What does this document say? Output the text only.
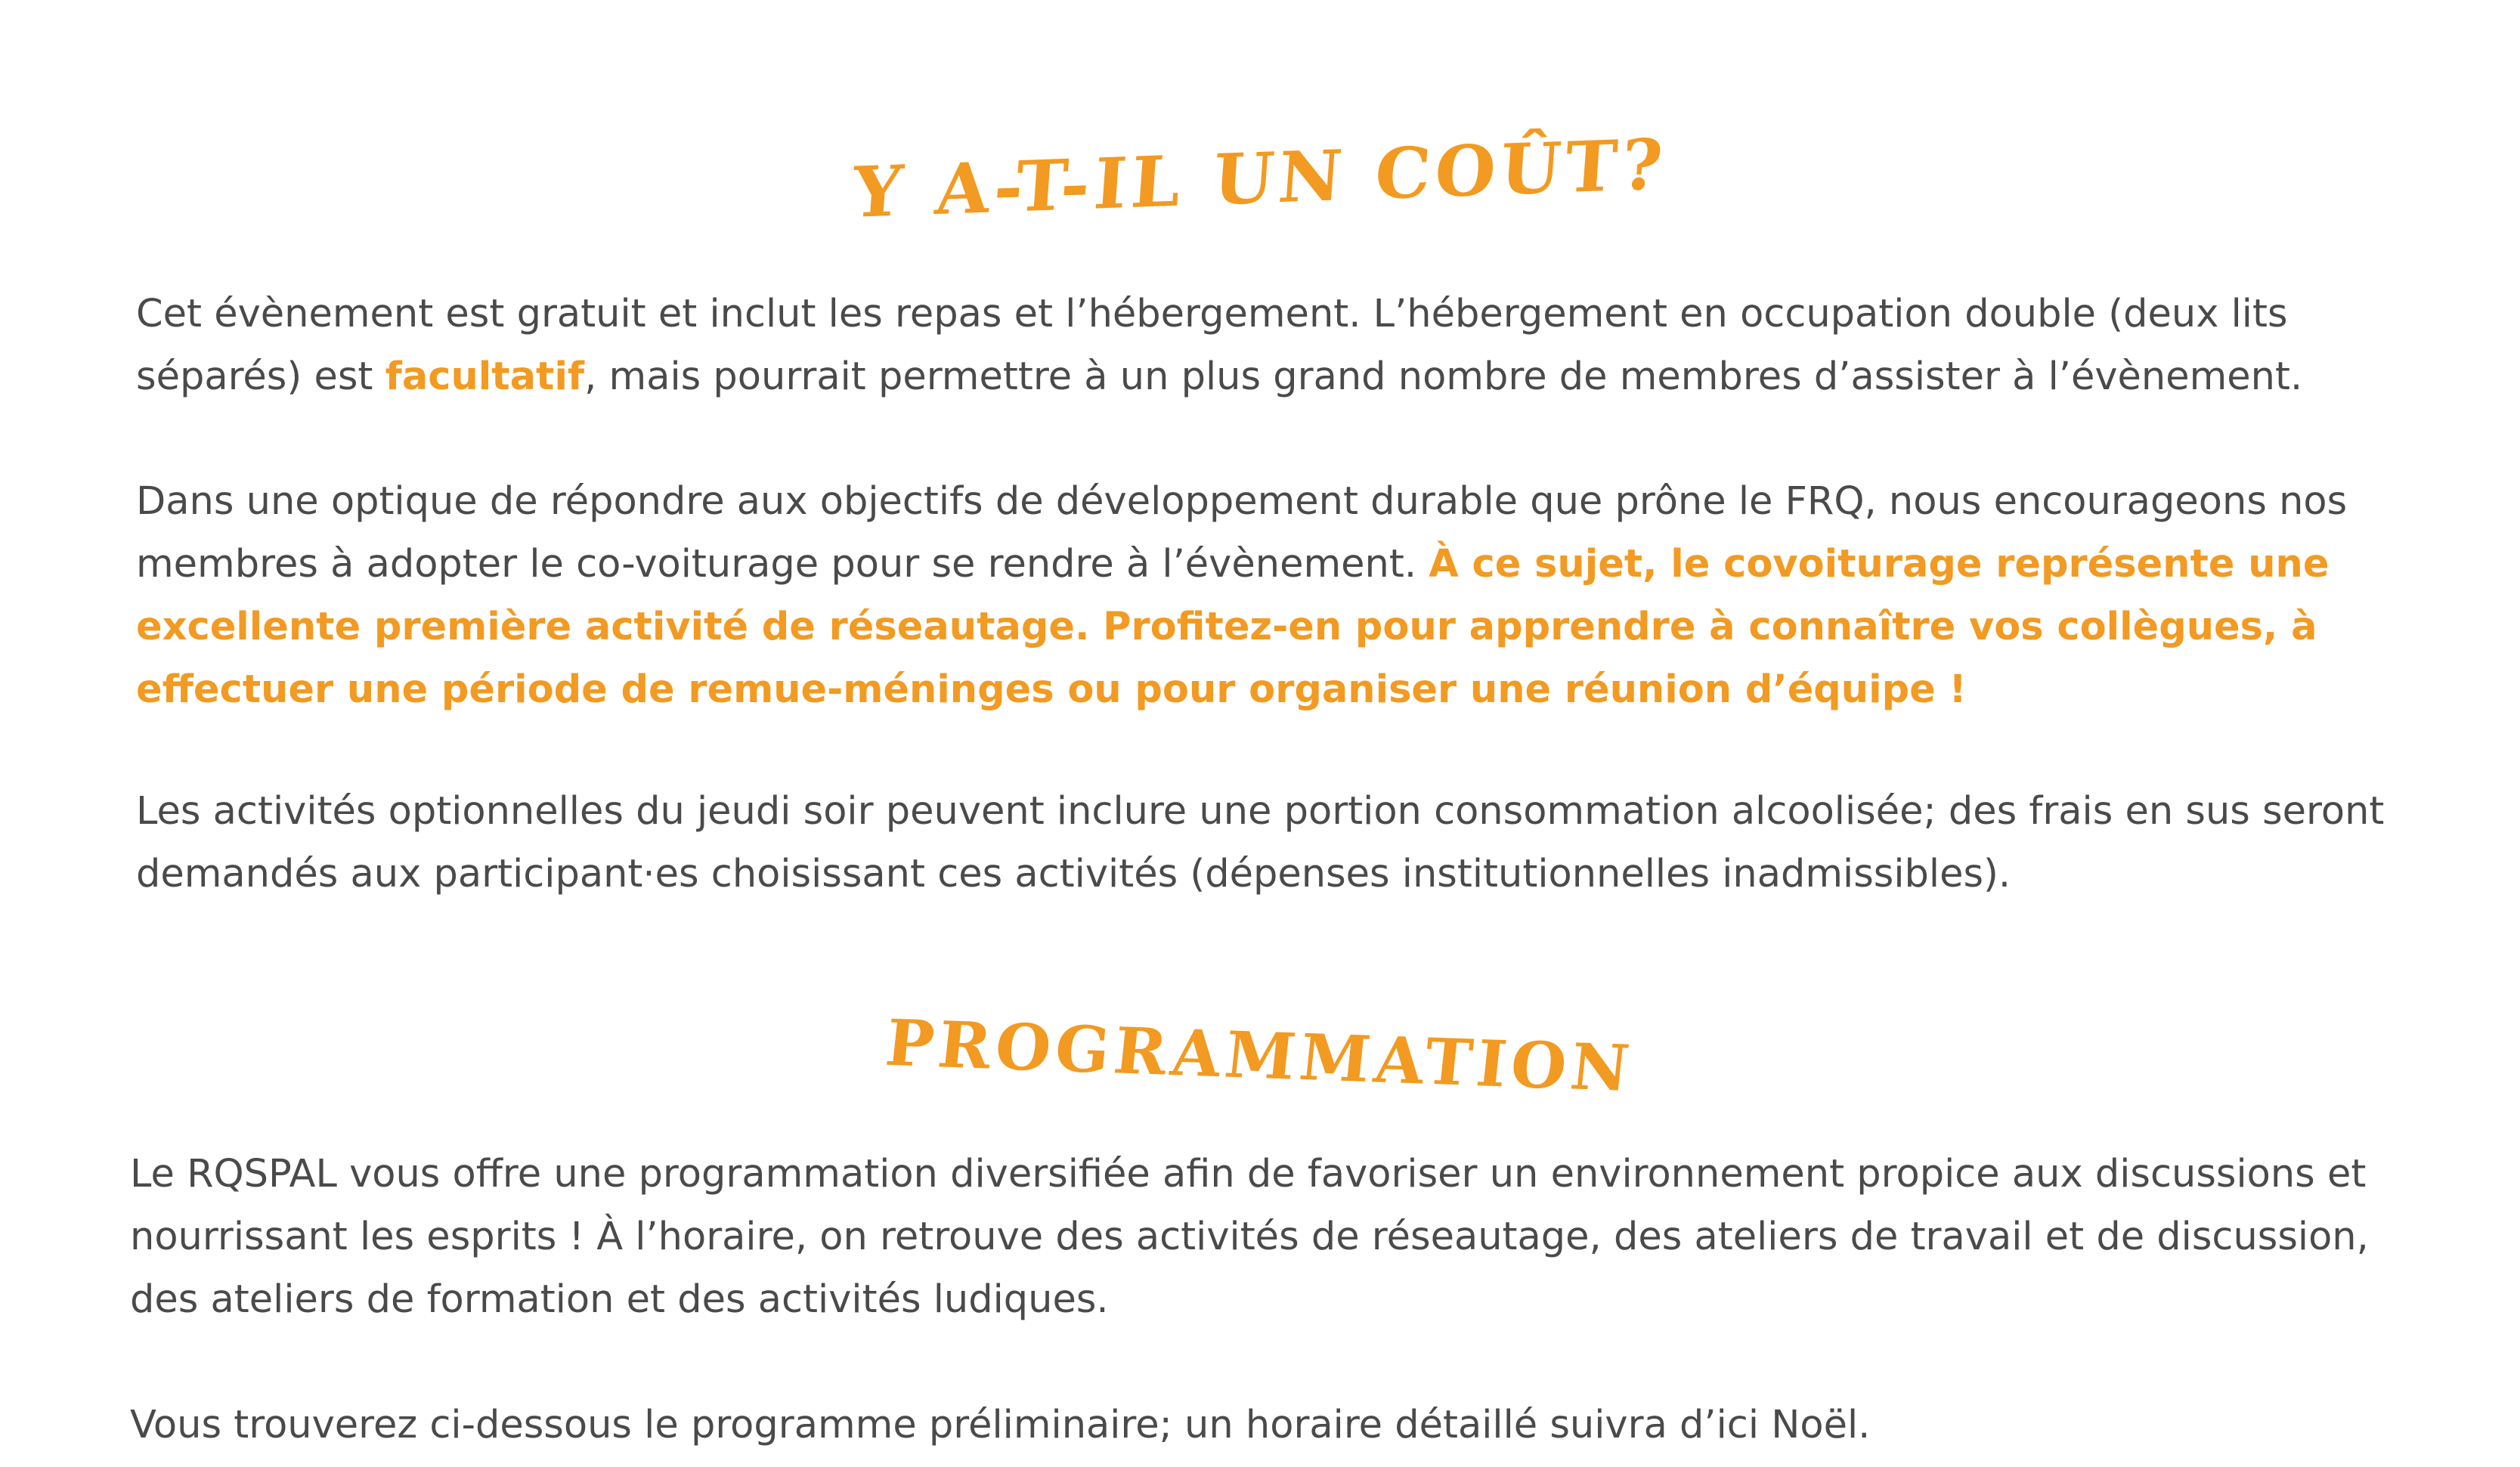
Y A-T-IL UN COÛT?

Cet évènement est gratuit et inclut les repas et l’hébergement. L’hébergement en occupation double (deux lits séparés) est facultatif, mais pourrait permettre à un plus grand nombre de membres d’assister à l’évènement.

Dans une optique de répondre aux objectifs de développement durable que prône le FRQ, nous encourageons nos membres à adopter le co-voiturage pour se rendre à l’évènement. À ce sujet, le covoiturage représente une excellente première activité de réseautage. Profitez-en pour apprendre à connaître vos collègues, à effectuer une période de remue-méninges ou pour organiser une réunion d’équipe !

Les activités optionnelles du jeudi soir peuvent inclure une portion consommation alcoolisée; des frais en sus seront demandés aux participant·es choisissant ces activités (dépenses institutionnelles inadmissibles).

PROGRAMMATION

Le RQSPAL vous offre une programmation diversifiée afin de favoriser un environnement propice aux discussions et nourrissant les esprits ! À l’horaire, on retrouve des activités de réseautage, des ateliers de travail et de discussion, des ateliers de formation et des activités ludiques.

Vous trouverez ci-dessous le programme préliminaire; un horaire détaillé suivra d’ici Noël.
